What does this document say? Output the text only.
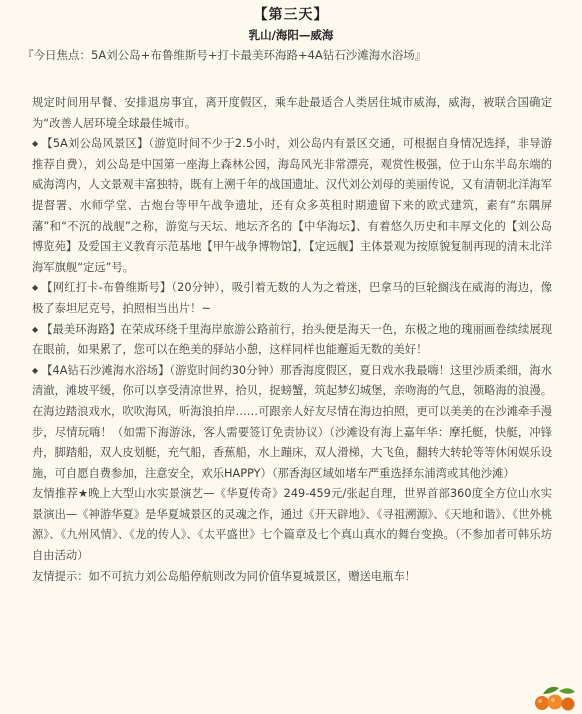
【第三天】
乳山/海阳—威海
『今日焦点：5A刘公岛+布鲁维斯号+打卡最美环海路+4A钻石沙滩海水浴场』

规定时间用早餐、安排退房事宜，离开度假区，乘车赴最适合人类居住城市威海，威海，被联合国确定为“改善人居环境全球最佳城市。

◆ 【5A刘公岛风景区】（游览时间不少于2.5小时，刘公岛内有景区交通，可根据自身情况选择，非导游推荐自费），刘公岛是中国第一座海上森林公园，海岛风光非常漂亮，观赏性极强，位于山东半岛东端的威海湾内，人文景观丰富独特，既有上溯千年的战国遗址、汉代刘公刘母的美丽传说，又有清朝北洋海军提督署、水师学堂、古炮台等甲午战争遗址，还有众多英租时期遗留下来的欧式建筑，素有“东隅屏藩”和“不沉的战舰”之称，游览与天坛、地坛齐名的【中华海坛】、有着悠久历史和丰厚文化的【刘公岛博览苑】及爱国主义教育示范基地【甲午战争博物馆】，【定远舰】主体景观为按原貌复制再现的清末北洋海军旗舰“定远”号。

◆ 【网红打卡-布鲁维斯号】（20分钟），吸引着无数的人为之着迷，巴拿马的巨轮搁浅在威海的海边，像极了泰坦尼克号，拍照相当出片！~

◆ 【最美环海路】在荣成环绕千里海岸旅游公路前行，抬头便是海天一色，东极之地的瑰丽画卷续续展现在眼前，如果累了，您可以在绝美的驿站小憩，这样同样也能邂逅无数的美好！

◆ 【4A钻石沙滩海水浴场】（游览时间约30分钟）那香海度假区，夏日戏水我最嗨！这里沙质柔细，海水清澈，滩坡平缓，你可以享受清凉世界，拾贝，捉螃蟹，筑起梦幻城堡，亲吻海的气息，领略海的浪漫。在海边踏浪戏水，吹吹海风，听海浪拍岸……可跟亲人好友尽情在海边拍照，更可以美美的在沙滩牵手漫步，尽情玩嗨！（如需下海游泳，客人需要签订免责协议）（沙滩设有海上嘉年华：摩托艇，快艇，冲锋舟，脚踏船，双人皮划艇，充气船，香蕉船，水上蹦床，双人滑梯，大飞鱼，翻转大转轮等等休闲娱乐设施，可自愿自费参加，注意安全，欢乐HAPPY）（那香海区域如堵车严重选择东浦湾或其他沙滩）

友情推荐★晚上大型山水实景演艺—《华夏传奇》249-459元/张起自理，世界首部360度全方位山水实景演出—《神游华夏》是华夏城景区的灵魂之作，通过《开天辟地》、《寻祖溯源》、《天地和谐》、《世外桃源》、《九州风情》、《龙的传人》、《太平盛世》七个篇章及七个真山真水的舞台变换。（不参加者可韩乐坊自由活动）

友情提示：如不可抗力刘公岛船停航则改为同价值华夏城景区，赠送电瓶车！
